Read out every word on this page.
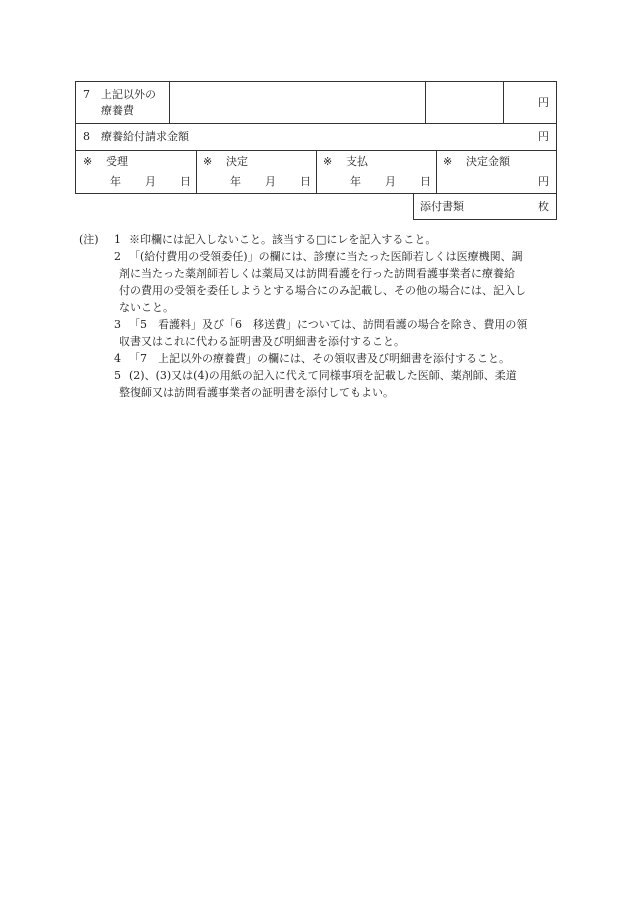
7 上記以外の
療養費
円
8 療養給付請求金額	円
※ 受理
年 月 日
※ 決定
年 月 日
※ 支払
年 月 日
※ 決定金額
円
添付書類	枚
(注) 1 ※印欄には記入しないこと。該当する□にレを記入すること。
2 「(給付費用の受領委任)」の欄には、診療に当たった医師若しくは医療機関、調
剤に当たった薬剤師若しくは薬局又は訪問看護を行った訪問看護事業者に療養給
付の費用の受領を委任しようとする場合にのみ記載し、その他の場合には、記入し
ないこと。
3 「5　看護料」及び「6　移送費」については、訪問看護の場合を除き、費用の領
収書又はこれに代わる証明書及び明細書を添付すること。
4 「7　上記以外の療養費」の欄には、その領収書及び明細書を添付すること。
5 (2)、(3)又は(4)の用紙の記入に代えて同様事項を記載した医師、薬剤師、柔道
整復師又は訪問看護事業者の証明書を添付してもよい。
